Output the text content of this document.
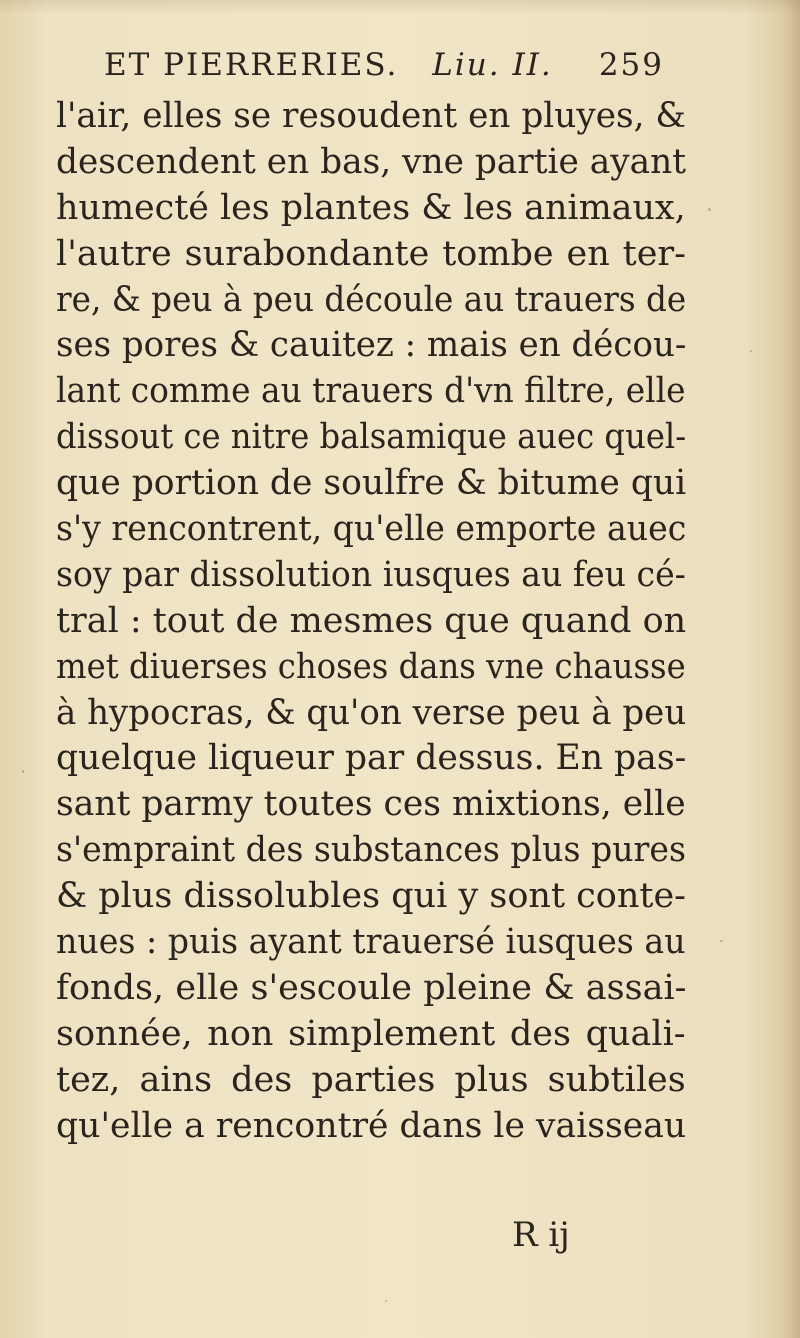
ET PIERRERIES. Liu. II. 259
l'air, elles se resoudent en pluyes, &
descendent en bas, vne partie ayant
humecté les plantes & les animaux,
l'autre surabondante tombe en ter-
re, & peu à peu découle au trauers de
ses pores & cauitez : mais en décou-
lant comme au trauers d'vn filtre, elle
dissout ce nitre balsamique auec quel-
que portion de soulfre & bitume qui
s'y rencontrent, qu'elle emporte auec
soy par dissolution iusques au feu cé-
tral : tout de mesmes que quand on
met diuerses choses dans vne chausse
à hypocras, & qu'on verse peu à peu
quelque liqueur par dessus. En pas-
sant parmy toutes ces mixtions, elle
s'empraint des substances plus pures
& plus dissolubles qui y sont conte-
nues : puis ayant trauersé iusques au
fonds, elle s'escoule pleine & assai-
sonnée, non simplement des quali-
tez, ains des parties plus subtiles
qu'elle a rencontré dans le vaisseau
R ij
